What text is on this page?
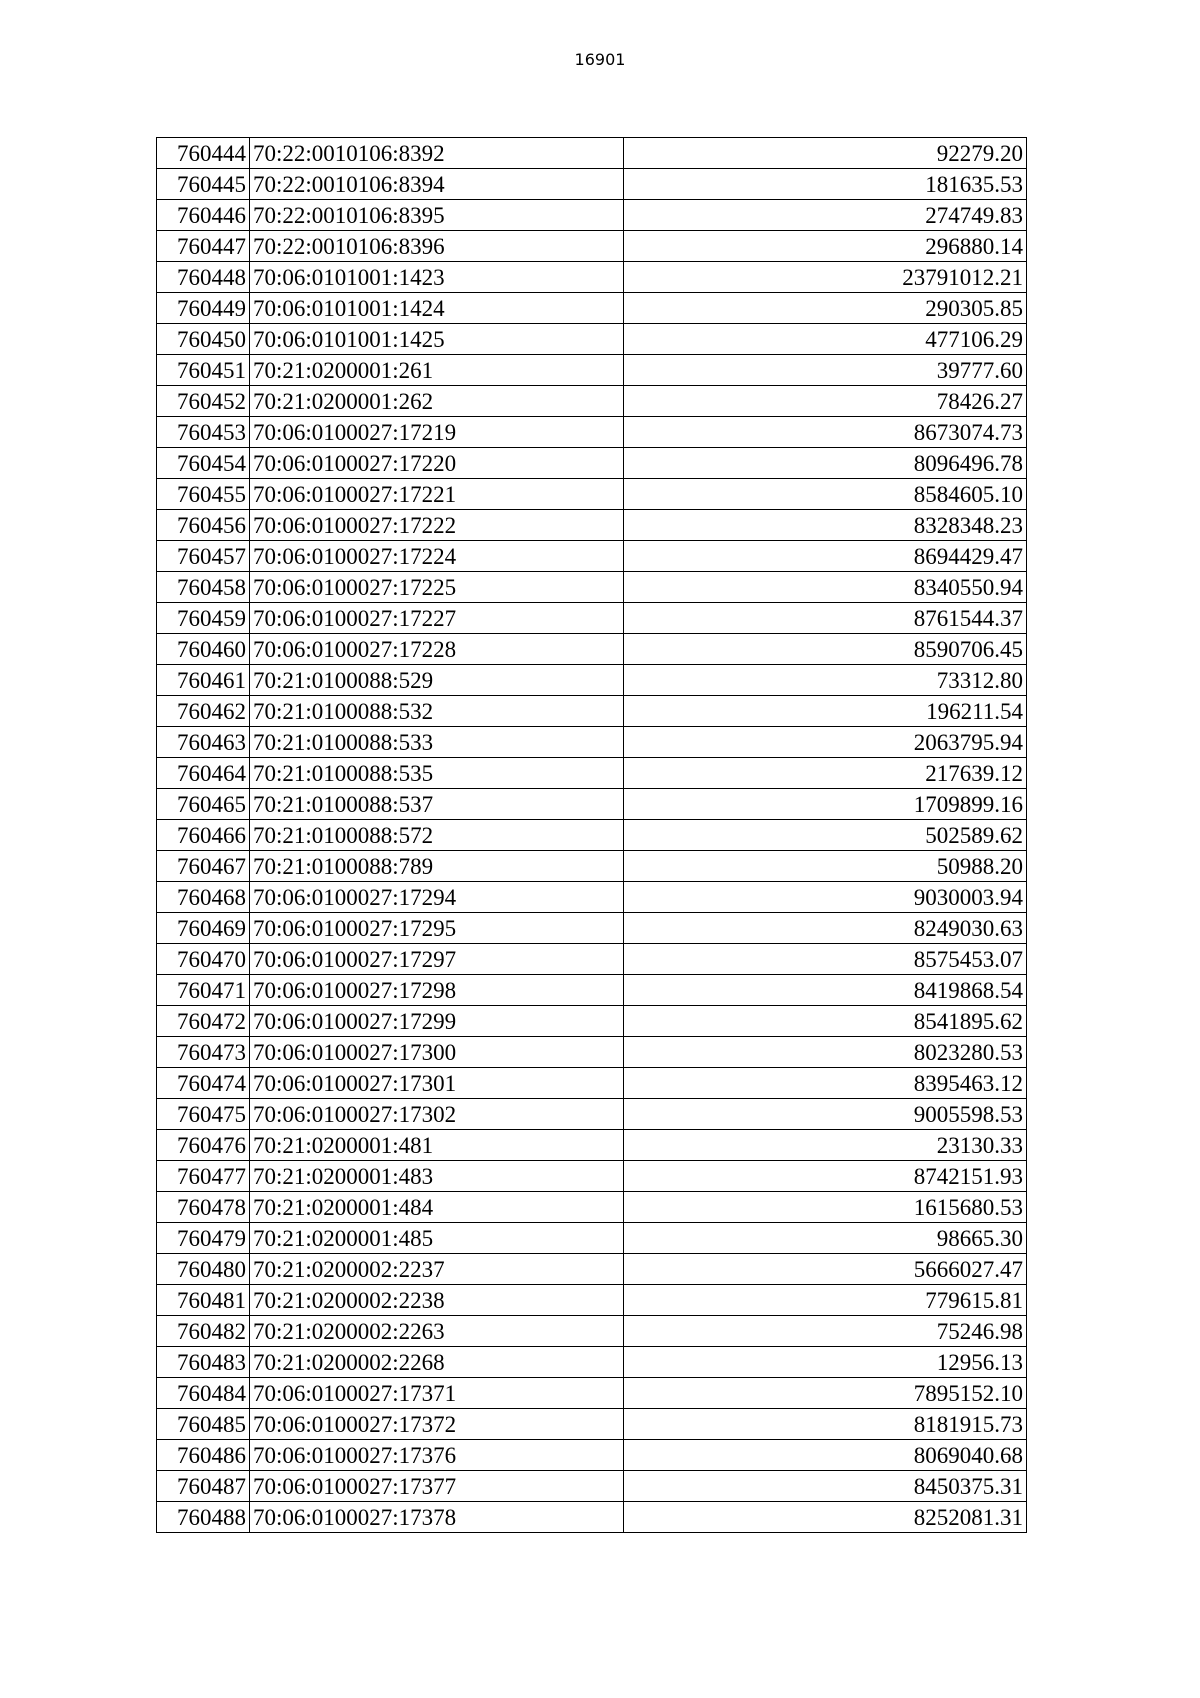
16901
760444	70:22:0010106:8392	92279.20
760445	70:22:0010106:8394	181635.53
760446	70:22:0010106:8395	274749.83
760447	70:22:0010106:8396	296880.14
760448	70:06:0101001:1423	23791012.21
760449	70:06:0101001:1424	290305.85
760450	70:06:0101001:1425	477106.29
760451	70:21:0200001:261	39777.60
760452	70:21:0200001:262	78426.27
760453	70:06:0100027:17219	8673074.73
760454	70:06:0100027:17220	8096496.78
760455	70:06:0100027:17221	8584605.10
760456	70:06:0100027:17222	8328348.23
760457	70:06:0100027:17224	8694429.47
760458	70:06:0100027:17225	8340550.94
760459	70:06:0100027:17227	8761544.37
760460	70:06:0100027:17228	8590706.45
760461	70:21:0100088:529	73312.80
760462	70:21:0100088:532	196211.54
760463	70:21:0100088:533	2063795.94
760464	70:21:0100088:535	217639.12
760465	70:21:0100088:537	1709899.16
760466	70:21:0100088:572	502589.62
760467	70:21:0100088:789	50988.20
760468	70:06:0100027:17294	9030003.94
760469	70:06:0100027:17295	8249030.63
760470	70:06:0100027:17297	8575453.07
760471	70:06:0100027:17298	8419868.54
760472	70:06:0100027:17299	8541895.62
760473	70:06:0100027:17300	8023280.53
760474	70:06:0100027:17301	8395463.12
760475	70:06:0100027:17302	9005598.53
760476	70:21:0200001:481	23130.33
760477	70:21:0200001:483	8742151.93
760478	70:21:0200001:484	1615680.53
760479	70:21:0200001:485	98665.30
760480	70:21:0200002:2237	5666027.47
760481	70:21:0200002:2238	779615.81
760482	70:21:0200002:2263	75246.98
760483	70:21:0200002:2268	12956.13
760484	70:06:0100027:17371	7895152.10
760485	70:06:0100027:17372	8181915.73
760486	70:06:0100027:17376	8069040.68
760487	70:06:0100027:17377	8450375.31
760488	70:06:0100027:17378	8252081.31
